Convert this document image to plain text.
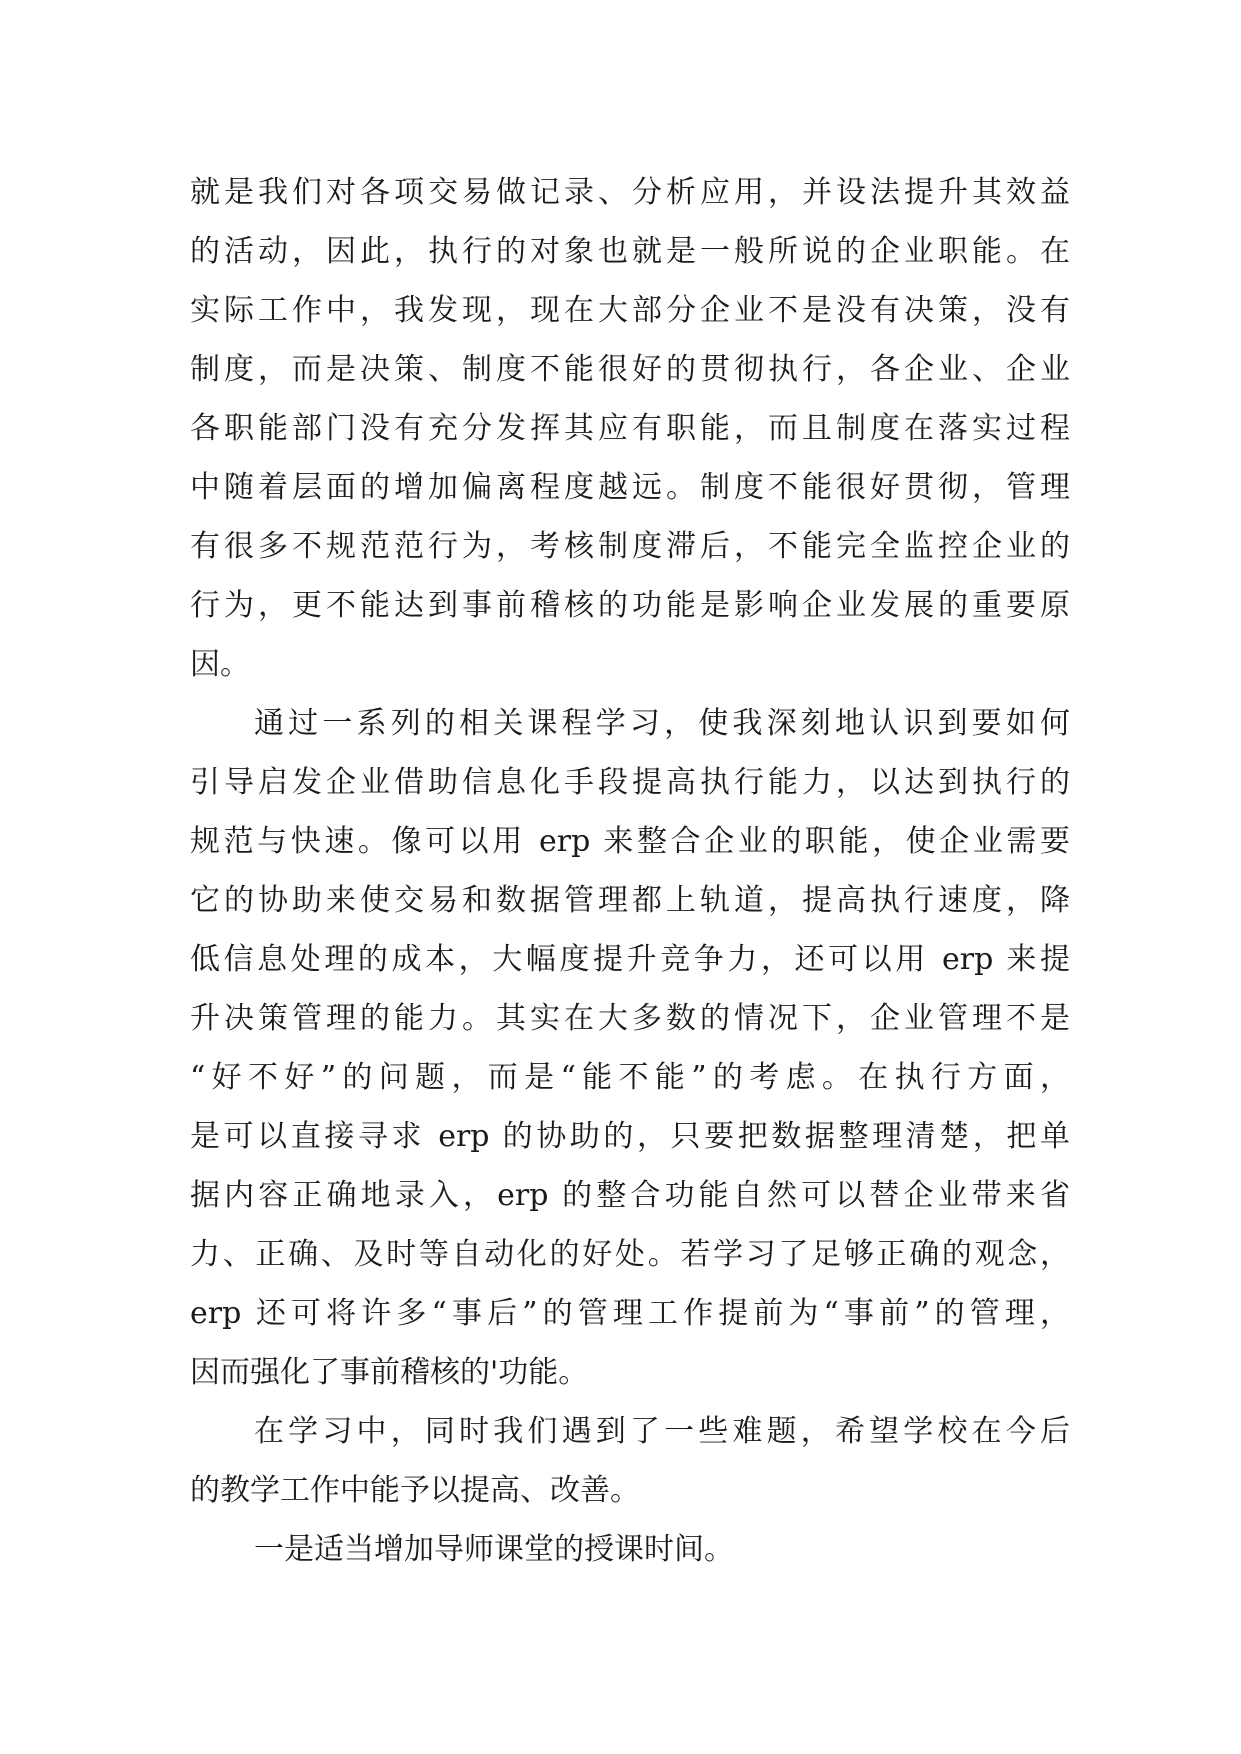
就是我们对各项交易做记录、分析应用，并设法提升其效益
的活动，因此，执行的对象也就是一般所说的企业职能。在
实际工作中，我发现，现在大部分企业不是没有决策，没有
制度，而是决策、制度不能很好的贯彻执行，各企业、企业
各职能部门没有充分发挥其应有职能，而且制度在落实过程
中随着层面的增加偏离程度越远。制度不能很好贯彻，管理
有很多不规范范行为，考核制度滞后，不能完全监控企业的
行为，更不能达到事前稽核的功能是影响企业发展的重要原
因。
通过一系列的相关课程学习，使我深刻地认识到要如何
引导启发企业借助信息化手段提高执行能力，以达到执行的
规范与快速。像可以用 erp 来整合企业的职能，使企业需要
它的协助来使交易和数据管理都上轨道，提高执行速度，降
低信息处理的成本，大幅度提升竞争力，还可以用 erp 来提
升决策管理的能力。其实在大多数的情况下，企业管理不是
“好不好”的问题，而是“能不能”的考虑。在执行方面，
是可以直接寻求 erp 的协助的，只要把数据整理清楚，把单
据内容正确地录入，erp 的整合功能自然可以替企业带来省
力、正确、及时等自动化的好处。若学习了足够正确的观念，
erp 还可将许多“事后”的管理工作提前为“事前”的管理，
因而强化了事前稽核的'功能。
在学习中，同时我们遇到了一些难题，希望学校在今后
的教学工作中能予以提高、改善。
一是适当增加导师课堂的授课时间。
